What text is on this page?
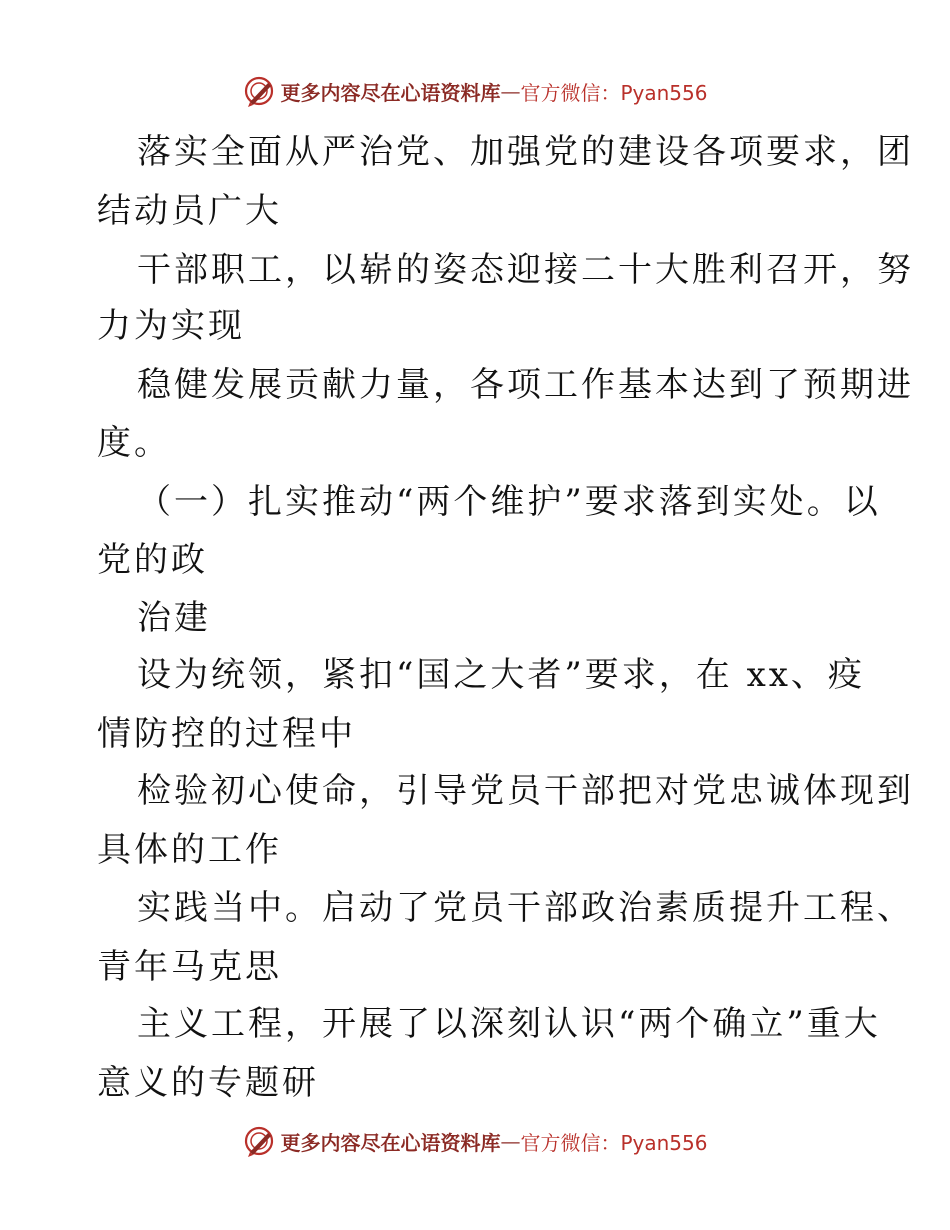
更多内容尽在心语资料库 — 官方微信：Pyan556

落实全面从严治党、加强党的建设各项要求，团

结动员广大

干部职工，以崭的姿态迎接二十大胜利召开，努

力为实现

稳健发展贡献力量，各项工作基本达到了预期进

度。

（一）扎实推动“两个维护”要求落到实处。以

党的政

治建

设为统领，紧扣“国之大者”要求，在 xx、疫

情防控的过程中

检验初心使命，引导党员干部把对党忠诚体现到

具体的工作

实践当中。启动了党员干部政治素质提升工程、

青年马克思

主义工程，开展了以深刻认识“两个确立”重大

意义的专题研

更多内容尽在心语资料库 — 官方微信：Pyan556
